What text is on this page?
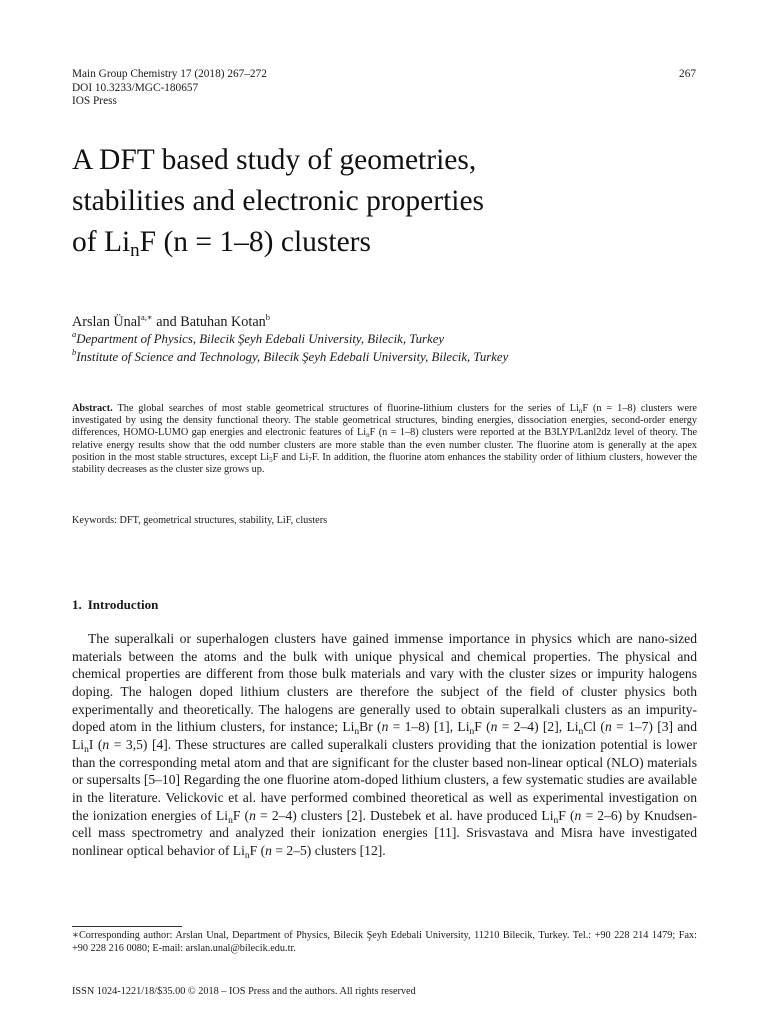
Main Group Chemistry 17 (2018) 267–272
DOI 10.3233/MGC-180657
IOS Press
267
A DFT based study of geometries,
stabilities and electronic properties
of $Li_nF$ (n = 1–8) clusters
Arslan Ünal$^{a,∗}$ and Batuhan Kotan$^b$
$^a$Department of Physics, Bilecik Şeyh Edebali University, Bilecik, Turkey
$^b$Institute of Science and Technology, Bilecik Şeyh Edebali University, Bilecik, Turkey
Abstract. The global searches of most stable geometrical structures of fluorine-lithium clusters for the series of $Li_nF$ (n = 1–8) clusters were investigated by using the density functional theory. The stable geometrical structures, binding energies, dissociation energies, second-order energy differences, HOMO-LUMO gap energies and electronic features of $Li_nF$ (n = 1–8) clusters were reported at the B3LYP/Lanl2dz level of theory. The relative energy results show that the odd number clusters are more stable than the even number cluster. The fluorine atom is generally at the apex position in the most stable structures, except $Li_5F$ and $Li_7F$. In addition, the fluorine atom enhances the stability order of lithium clusters, however the stability decreases as the cluster size grows up.
Keywords: DFT, geometrical structures, stability, LiF, clusters
1. Introduction
The superalkali or superhalogen clusters have gained immense importance in physics which are nano-sized materials between the atoms and the bulk with unique physical and chemical properties. The physical and chemical properties are different from those bulk materials and vary with the cluster sizes or impurity halogens doping. The halogen doped lithium clusters are therefore the subject of the field of cluster physics both experimentally and theoretically. The halogens are generally used to obtain superalkali clusters as an impurity-doped atom in the lithium clusters, for instance; $Li_nBr$ (n = 1–8) [1], $Li_nF$ (n = 2–4) [2], $Li_nCl$ (n = 1–7) [3] and $Li_nI$ (n = 3,5) [4]. These structures are called superalkali clusters providing that the ionization potential is lower than the corresponding metal atom and that are significant for the cluster based non-linear optical (NLO) materials or supersalts [5–10] Regarding the one fluorine atom-doped lithium clusters, a few systematic studies are available in the literature. Velickovic et al. have performed combined theoretical as well as experimental investigation on the ionization energies of $Li_nF$ (n = 2–4) clusters [2]. Dustebek et al. have produced $Li_nF$ (n = 2–6) by Knudsen-cell mass spectrometry and analyzed their ionization energies [11]. Srisvastava and Misra have investigated nonlinear optical behavior of $Li_nF$ (n = 2–5) clusters [12].
∗Corresponding author: Arslan Unal, Department of Physics, Bilecik Şeyh Edebali University, 11210 Bilecik, Turkey. Tel.: +90 228 214 1479; Fax: +90 228 216 0080; E-mail: arslan.unal@bilecik.edu.tr.
ISSN 1024-1221/18/$35.00 © 2018 – IOS Press and the authors. All rights reserved
